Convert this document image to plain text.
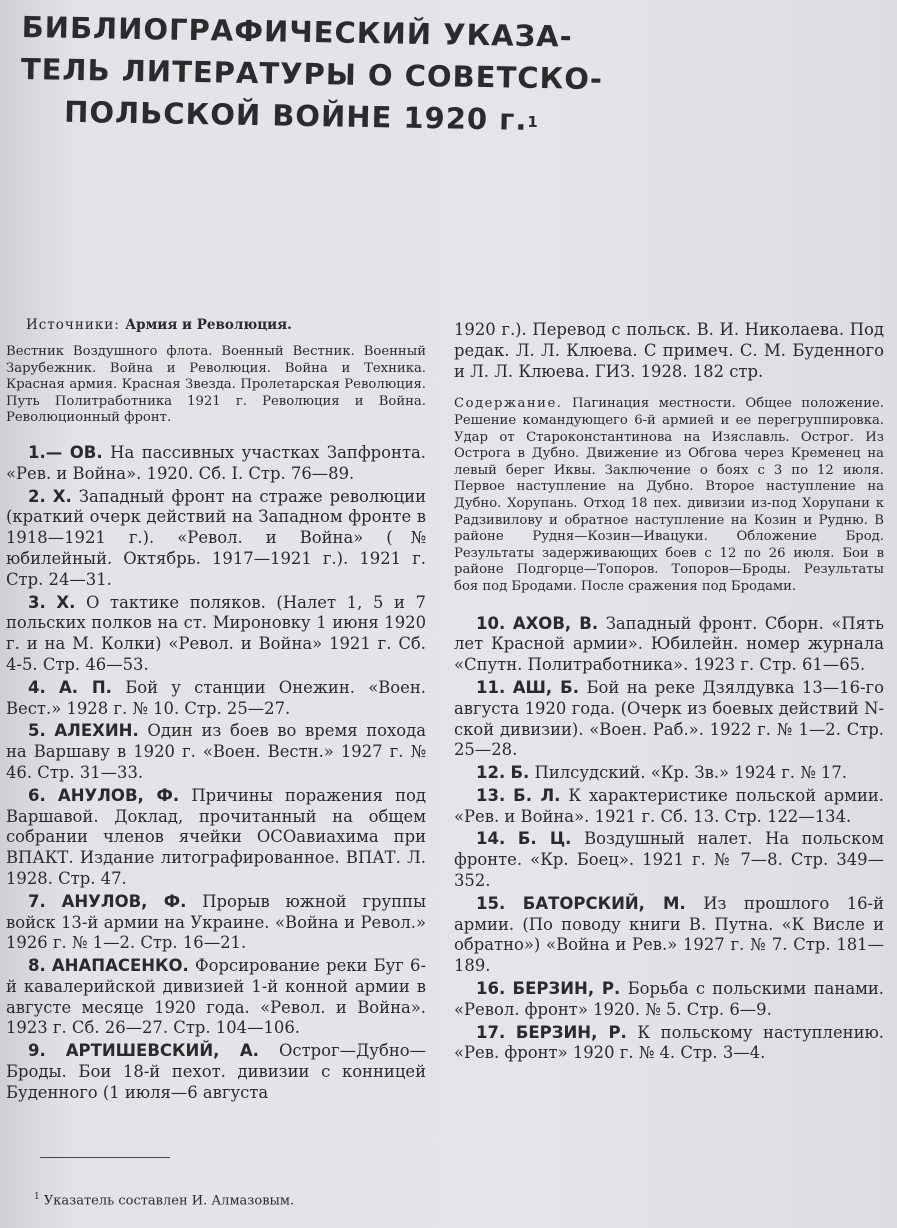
БИБЛИОГРАФИЧЕСКИЙ УКАЗА-
ТЕЛЬ ЛИТЕРАТУРЫ О СОВЕТСКО-
ПОЛЬСКОЙ ВОЙНЕ 1920 г.$^1$
Источники: Армия и Революция.
Вестник Воздушного флота. Военный Вестник. Военный Зарубежник. Война и Революция. Война и Техника. Красная армия. Красная Звезда. Пролетарская Революция. Путь Политработника 1921 г. Революция и Война. Революционный фронт.
1.— ОВ. На пассивных участках Запфронта. «Рев. и Война». 1920. Сб. I. Стр. 76—89.
2. Х. Западный фронт на страже революции (краткий очерк действий на Западном фронте в 1918—1921 г.). «Револ. и Война» (№ юбилейный. Октябрь. 1917—1921 г.). 1921 г. Стр. 24—31.
3. Х. О тактике поляков. (Налет 1, 5 и 7 польских полков на ст. Мироновку 1 июня 1920 г. и на М. Колки) «Револ. и Война» 1921 г. Сб. 4-5. Стр. 46—53.
4. А. П. Бой у станции Онежин. «Воен. Вест.» 1928 г. № 10. Стр. 25—27.
5. АЛЕХИН. Один из боев во время похода на Варшаву в 1920 г. «Воен. Вестн.» 1927 г. № 46. Стр. 31—33.
6. АНУЛОВ, Ф. Причины поражения под Варшавой. Доклад, прочитанный на общем собрании членов ячейки ОСОавиахима при ВПАКТ. Издание литографированное. ВПАТ. Л. 1928. Стр. 47.
7. АНУЛОВ, Ф. Прорыв южной группы войск 13-й армии на Украине. «Война и Револ.» 1926 г. № 1—2. Стр. 16—21.
8. АНАПАСЕНКО. Форсирование реки Буг 6-й кавалерийской дивизией 1-й конной армии в августе месяце 1920 года. «Револ. и Война». 1923 г. Сб. 26—27. Стр. 104—106.
9. АРТИШЕВСКИЙ, А. Острог—Дубно—Броды. Бои 18-й пехот. дивизии с конницей Буденного (1 июля—6 августа
1920 г.). Перевод с польск. В. И. Николаева. Под редак. Л. Л. Клюева. С примеч. С. М. Буденного и Л. Л. Клюева. ГИЗ. 1928. 182 стр.
Содержание. Пагинация местности. Общее положение. Решение командующего 6-й армией и ее перегруппировка. Удар от Староконстантинова на Изяславль. Острог. Из Острога в Дубно. Движение из Обгова через Кременец на левый берег Иквы. Заключение о боях с 3 по 12 июля. Первое наступление на Дубно. Второе наступление на Дубно. Хорупань. Отход 18 пех. дивизии из-под Хорупани к Радзивилову и обратное наступление на Козин и Рудню. В районе Рудня—Козин—Ивацуки. Обложение Брод. Результаты задерживающих боев с 12 по 26 июля. Бои в районе Подгорце—Топоров. Топоров—Броды. Результаты боя под Бродами. После сражения под Бродами.
10. АХОВ, В. Западный фронт. Сборн. «Пять лет Красной армии». Юбилейн. номер журнала «Спутн. Политработника». 1923 г. Стр. 61—65.
11. АШ, Б. Бой на реке Дзялдувка 13—16-го августа 1920 года. (Очерк из боевых действий N-ской дивизии). «Воен. Раб.». 1922 г. № 1—2. Стр. 25—28.
12. Б. Пилсудский. «Кр. Зв.» 1924 г. № 17.
13. Б. Л. К характеристике польской армии. «Рев. и Война». 1921 г. Сб. 13. Стр. 122—134.
14. Б. Ц. Воздушный налет. На польском фронте. «Кр. Боец». 1921 г. № 7—8. Стр. 349—352.
15. БАТОРСКИЙ, М. Из прошлого 16-й армии. (По поводу книги В. Путна. «К Висле и обратно») «Война и Рев.» 1927 г. № 7. Стр. 181—189.
16. БЕРЗИН, Р. Борьба с польскими панами. «Револ. фронт» 1920. № 5. Стр. 6—9.
17. БЕРЗИН, Р. К польскому наступлению. «Рев. фронт» 1920 г. № 4. Стр. 3—4.
$^1$ Указатель составлен И. Алмазовым.
